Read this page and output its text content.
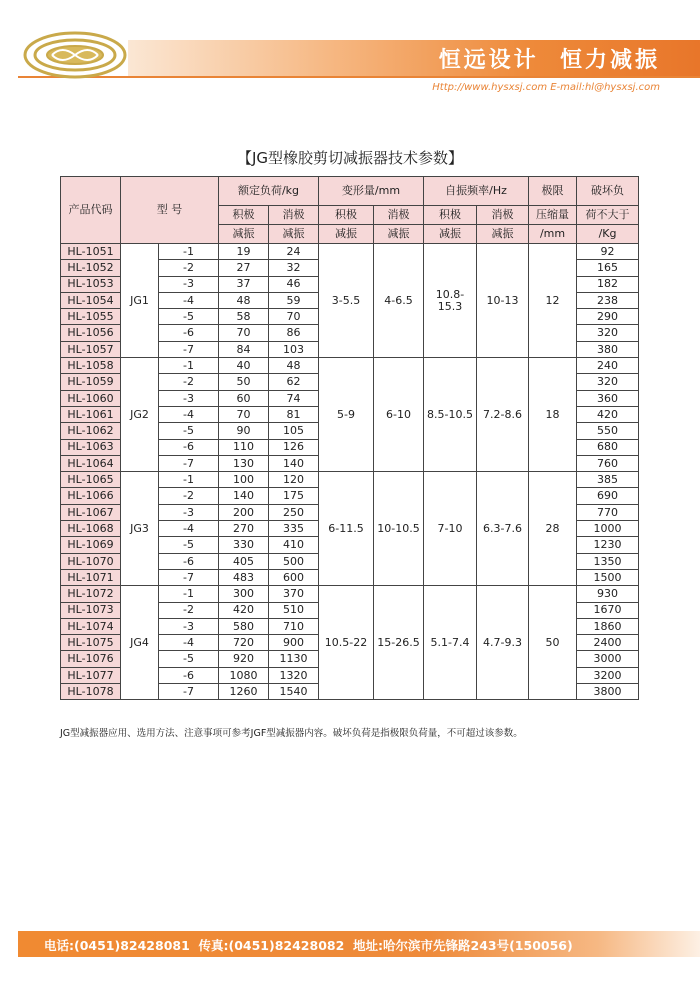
恒远设计  恒力减振
Http://www.hysxsj.com E-mail:hl@hysxsj.com
【JG型橡胶剪切减振器技术参数】
产品代码	型 号		额定负荷/kg		变形量/mm		自振频率/Hz		极限	破坏负
			积极	消极	积极	消极	积极	消极	压缩量	荷不大于
			减振	减振	减振	减振	减振	减振	/mm	/Kg
HL-1051	JG1	-1	19	24	3-5.5	4-6.5	10.8-15.3	10-13	12	92
HL-1052		-2	27	32						165
HL-1053		-3	37	46						182
HL-1054		-4	48	59						238
HL-1055		-5	58	70						290
HL-1056		-6	70	86						320
HL-1057		-7	84	103						380
HL-1058	JG2	-1	40	48	5-9	6-10	8.5-10.5	7.2-8.6	18	240
HL-1059		-2	50	62						320
HL-1060		-3	60	74						360
HL-1061		-4	70	81						420
HL-1062		-5	90	105						550
HL-1063		-6	110	126						680
HL-1064		-7	130	140						760
HL-1065	JG3	-1	100	120	6-11.5	10-10.5	7-10	6.3-7.6	28	385
HL-1066		-2	140	175						690
HL-1067		-3	200	250						770
HL-1068		-4	270	335						1000
HL-1069		-5	330	410						1230
HL-1070		-6	405	500						1350
HL-1071		-7	483	600						1500
HL-1072	JG4	-1	300	370	10.5-22	15-26.5	5.1-7.4	4.7-9.3	50	930
HL-1073		-2	420	510						1670
HL-1074		-3	580	710						1860
HL-1075		-4	720	900						2400
HL-1076		-5	920	1130						3000
HL-1077		-6	1080	1320						3200
HL-1078		-7	1260	1540						3800
JG型减振器应用、选用方法、注意事项可参考JGF型减振器内容。破坏负荷是指极限负荷量，不可超过该参数。
电话:(0451)82428081  传真:(0451)82428082  地址:哈尔滨市先锋路243号(150056)
